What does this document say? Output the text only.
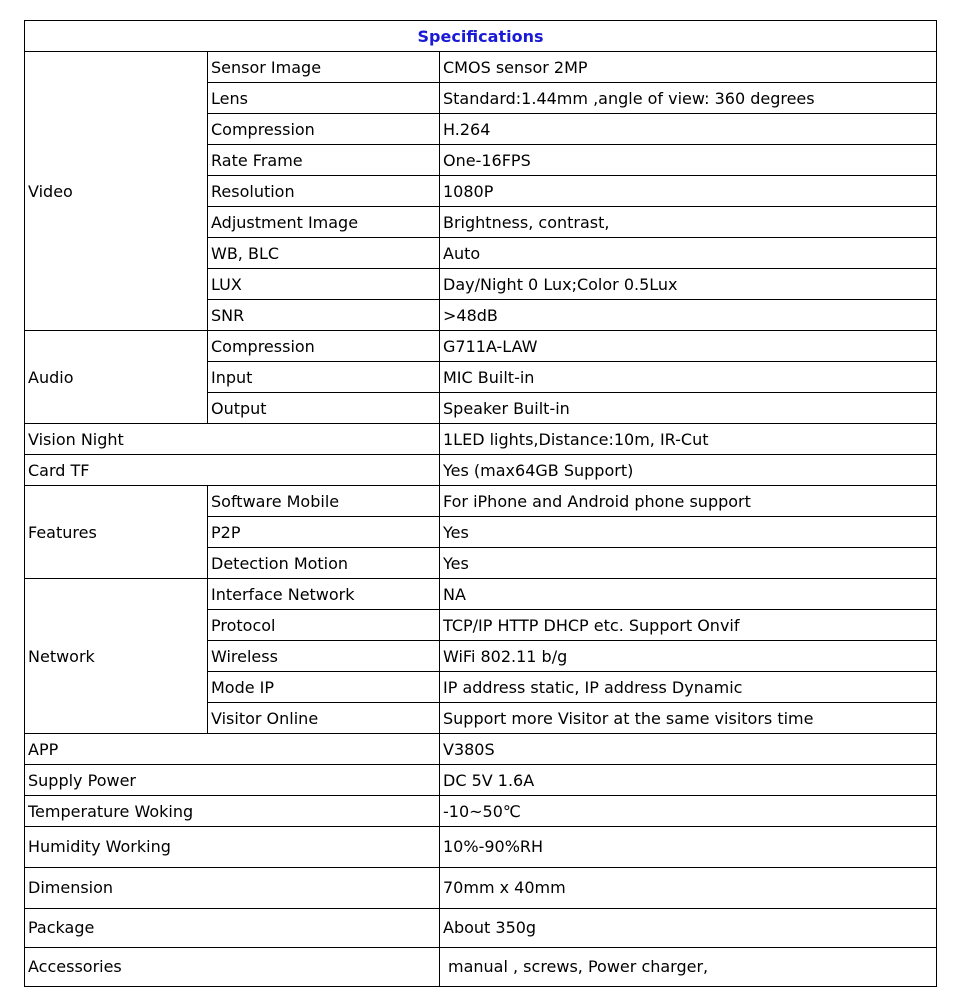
Specifications		
Video	Sensor Image	CMOS sensor 2MP
	Lens	Standard:1.44mm ,angle of view: 360 degrees
	Compression	H.264
	Rate Frame	One-16FPS
	Resolution	1080P
	Adjustment Image	Brightness, contrast,
	WB, BLC	Auto
	LUX	Day/Night 0 Lux;Color 0.5Lux
	SNR	>48dB
Audio	Compression	G711A-LAW
	Input	MIC Built-in
	Output	Speaker Built-in
Vision Night		1LED lights,Distance:10m, IR-Cut
Card TF		Yes (max64GB Support)
Features	Software Mobile	For iPhone and Android phone support
	P2P	Yes
	Detection Motion	Yes
Network	Interface Network	NA
	Protocol	TCP/IP HTTP DHCP etc. Support Onvif
	Wireless	WiFi 802.11 b/g
	Mode IP	IP address static, IP address Dynamic
	Visitor Online	Support more Visitor at the same visitors time
APP		V380S
Supply Power		DC 5V 1.6A
Temperature Woking		-10~50℃
Humidity Working		10%-90%RH
Dimension		70mm x 40mm
Package		About 350g
Accessories		manual , screws, Power charger,
